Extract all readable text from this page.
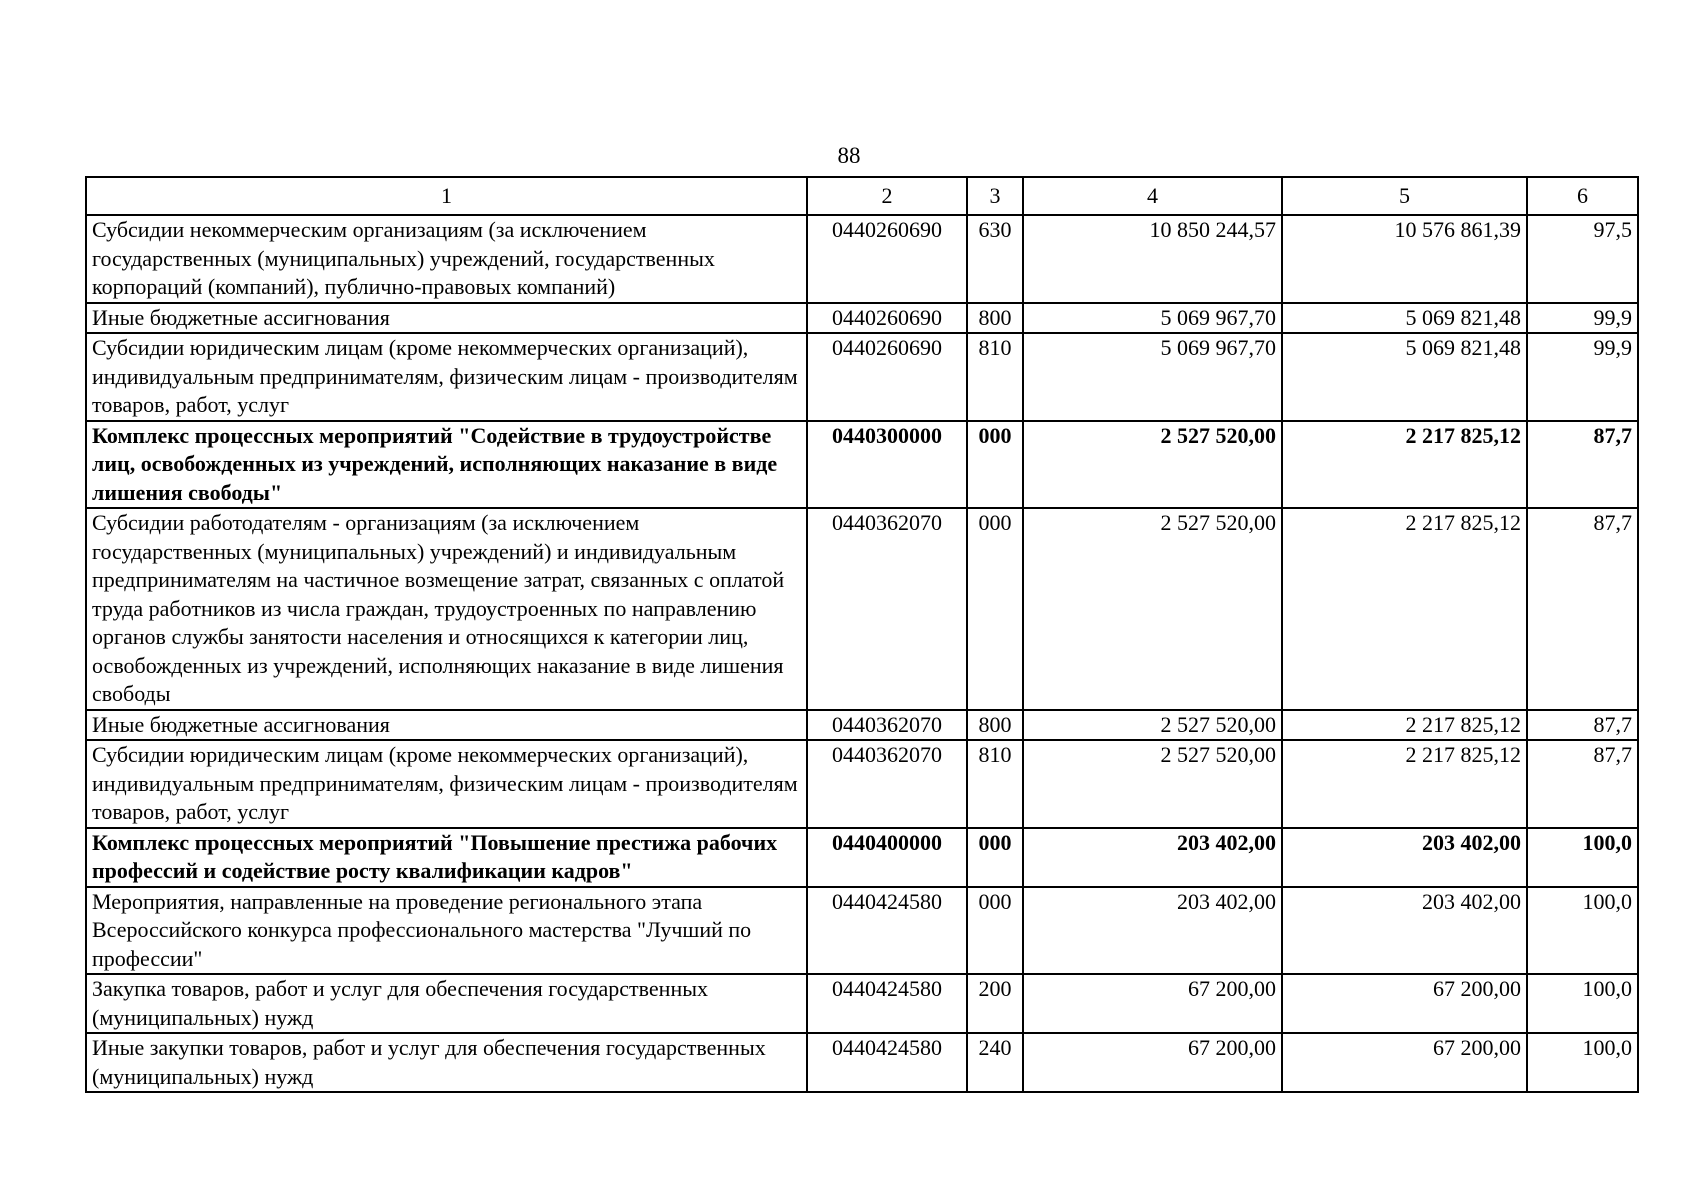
88
1	2	3	4	5	6
Субсидии некоммерческим организациям (за исключением государственных (муниципальных) учреждений, государственных корпораций (компаний), публично-правовых компаний)	0440260690	630	10 850 244,57	10 576 861,39	97,5
Иные бюджетные ассигнования	0440260690	800	5 069 967,70	5 069 821,48	99,9
Субсидии юридическим лицам (кроме некоммерческих организаций), индивидуальным предпринимателям, физическим лицам - производителям товаров, работ, услуг	0440260690	810	5 069 967,70	5 069 821,48	99,9
Комплекс процессных мероприятий "Содействие в трудоустройстве лиц, освобожденных из учреждений, исполняющих наказание в виде лишения свободы"	0440300000	000	2 527 520,00	2 217 825,12	87,7
Субсидии работодателям - организациям (за исключением государственных (муниципальных) учреждений) и индивидуальным предпринимателям на частичное возмещение затрат, связанных с оплатой труда работников из числа граждан, трудоустроенных по направлению органов службы занятости населения и относящихся к категории лиц, освобожденных из учреждений, исполняющих наказание в виде лишения свободы	0440362070	000	2 527 520,00	2 217 825,12	87,7
Иные бюджетные ассигнования	0440362070	800	2 527 520,00	2 217 825,12	87,7
Субсидии юридическим лицам (кроме некоммерческих организаций), индивидуальным предпринимателям, физическим лицам - производителям товаров, работ, услуг	0440362070	810	2 527 520,00	2 217 825,12	87,7
Комплекс процессных мероприятий "Повышение престижа рабочих профессий и содействие росту квалификации кадров"	0440400000	000	203 402,00	203 402,00	100,0
Мероприятия, направленные на проведение регионального этапа Всероссийского конкурса профессионального мастерства "Лучший по профессии"	0440424580	000	203 402,00	203 402,00	100,0
Закупка товаров, работ и услуг для обеспечения государственных (муниципальных) нужд	0440424580	200	67 200,00	67 200,00	100,0
Иные закупки товаров, работ и услуг для обеспечения государственных (муниципальных) нужд	0440424580	240	67 200,00	67 200,00	100,0
